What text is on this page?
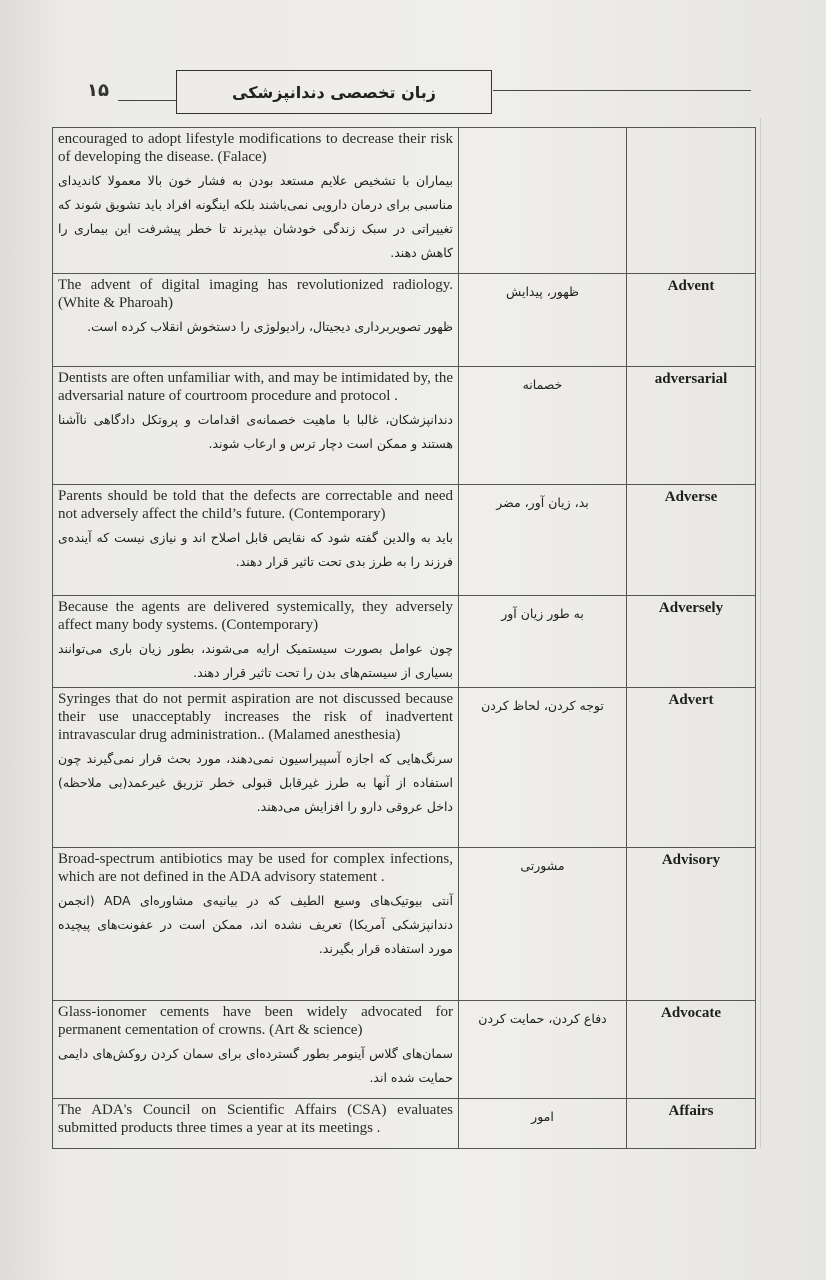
۱۵	زبان تخصصی دندانپزشکی
encouraged to adopt lifestyle modifications to decrease their risk of developing the disease. (Falace)
بیماران با تشخیص علایم مستعد بودن به فشار خون بالا معمولا کاندیدای مناسبی برای درمان دارویی نمی‌باشند بلکه اینگونه افراد باید تشویق شوند که تغییراتی در سبک زندگی خودشان بپذیرند تا خطر پیشرفت این بیماری را کاهش دهند.		

The advent of digital imaging has revolutionized radiology. (White & Pharoah)
ظهور تصویربرداری دیجیتال، رادیولوژی را دستخوش انقلاب کرده است.	ظهور، پیدایش	Advent

Dentists are often unfamiliar with, and may be intimidated by, the adversarial nature of courtroom procedure and protocol .
دندانپزشکان، غالبا با ماهیت خصمانه‌ی اقدامات و پروتکل دادگاهی ناآشنا هستند و ممکن است دچار ترس و ارعاب شوند.	خصمانه	adversarial

Parents should be told that the defects are correctable and need not adversely affect the child’s future. (Contemporary)
باید به والدین گفته شود که نقایص قابل اصلاح اند و نیازی نیست که آینده‌ی فرزند را به طرز بدی تحت تاثیر قرار دهند.	بد، زیان آور، مضر	Adverse

Because the agents are delivered systemically, they adversely affect many body systems. (Contemporary)
چون عوامل بصورت سیستمیک ارایه می‌شوند، بطور زیان باری می‌توانند بسیاری از سیستم‌های بدن را تحت تاثیر قرار دهند.	به طور زیان آور	Adversely

Syringes that do not permit aspiration are not discussed because their use unacceptably increases the risk of inadvertent intravascular drug administration.. (Malamed anesthesia)
سرنگ‌هایی که اجازه آسپیراسیون نمی‌دهند، مورد بحث قرار نمی‌گیرند چون استفاده از آنها به طرز غیرقابل قبولی خطر تزریق غیرعمد(بی ملاحظه) داخل عروقی دارو را افزایش می‌دهند.	توجه کردن، لحاظ کردن	Advert

Broad-spectrum antibiotics may be used for complex infections, which are not defined in the ADA advisory statement .
آنتی بیوتیک‌های وسیع الطیف که در بیانیه‌ی مشاوره‌ای ADA (انجمن دندانپزشکی آمریکا) تعریف نشده اند، ممکن است در عفونت‌های پیچیده مورد استفاده قرار بگیرند.	مشورتی	Advisory

Glass-ionomer cements have been widely advocated for permanent cementation of crowns. (Art & science)
سمان‌های گلاس آینومر بطور گسترده‌ای برای سمان کردن روکش‌های دایمی حمایت شده اند.	دفاع کردن، حمایت کردن	Advocate

The ADA's Council on Scientific Affairs (CSA) evaluates submitted products three times a year at its meetings .	امور	Affairs
